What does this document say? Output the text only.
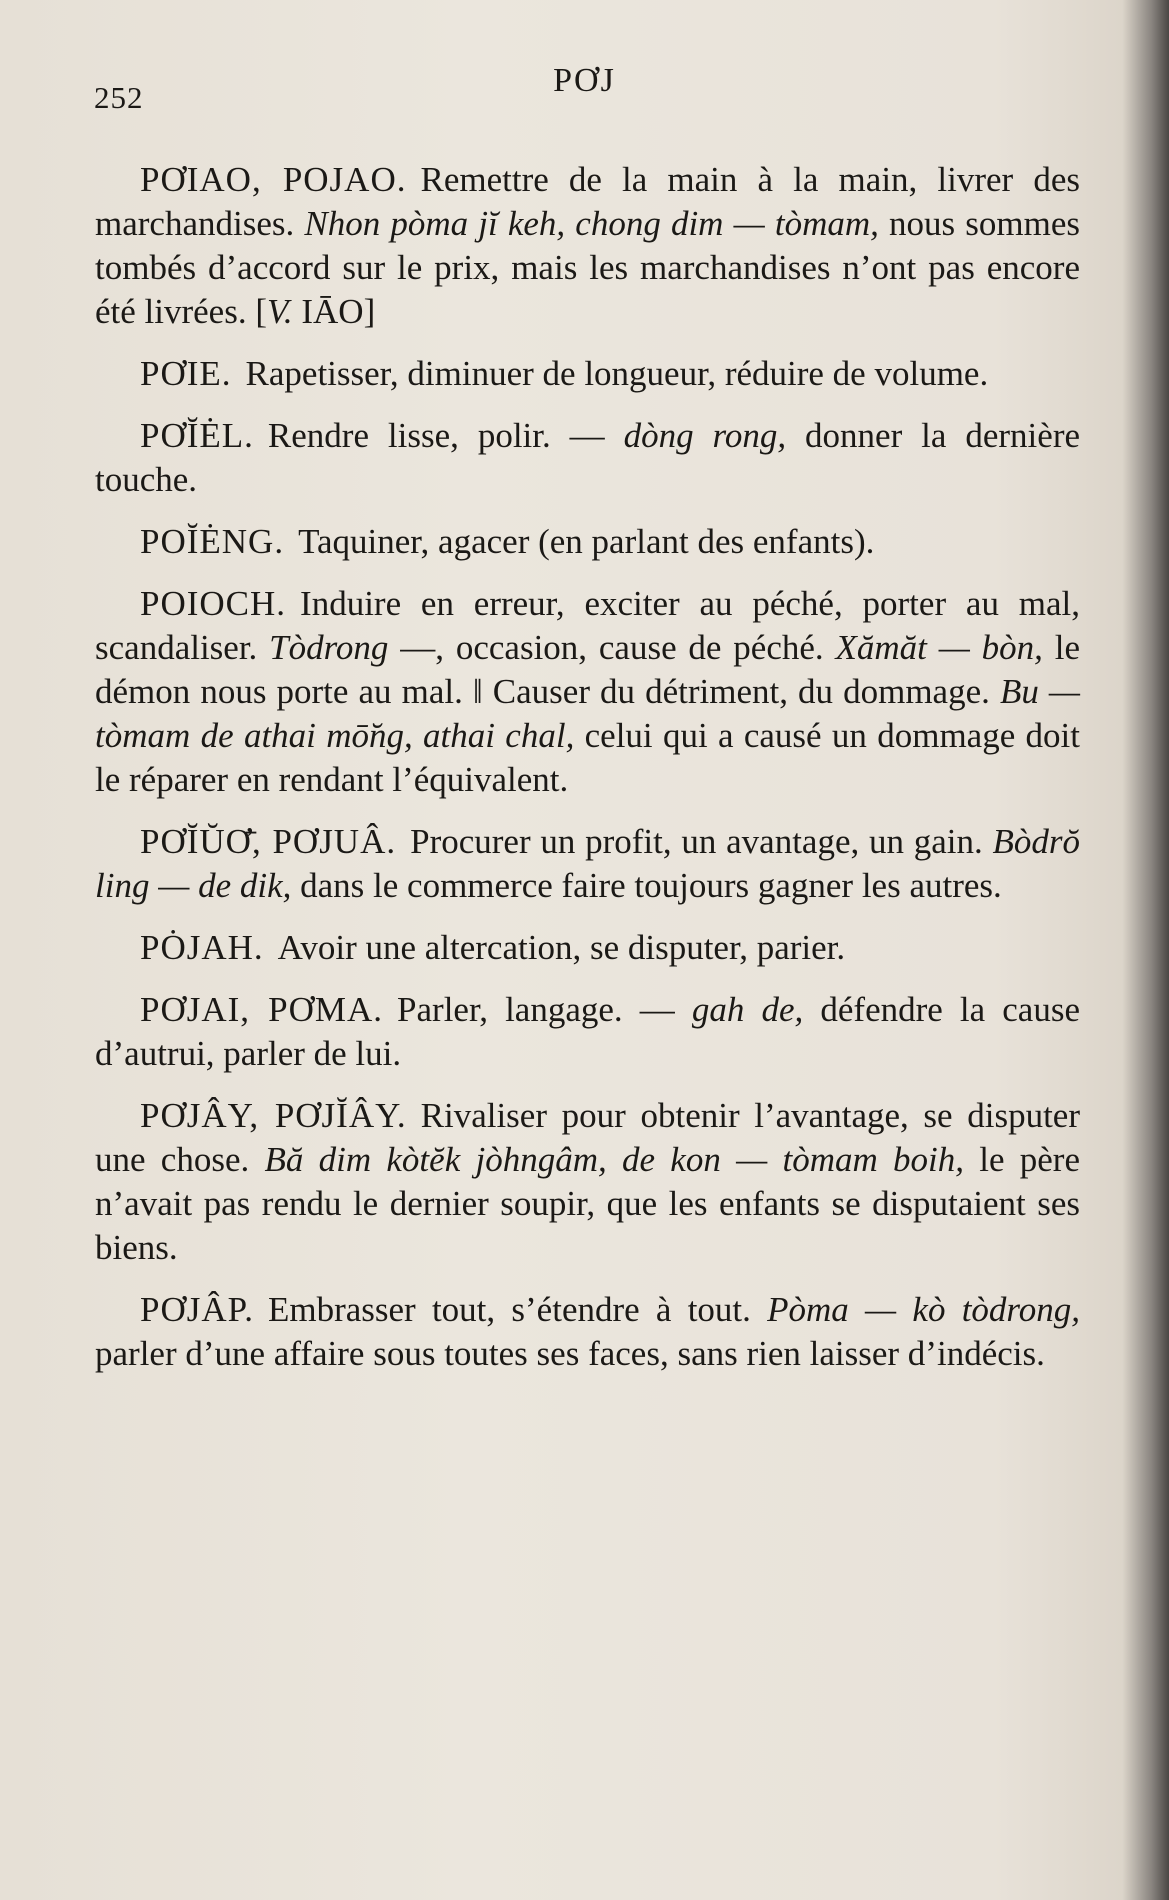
252	PƠJ

PƠIAO, POJAO. Remettre de la main à la main, livrer des marchandises. Nhon pòma jĭ keh, chong dim — tòmam, nous sommes tombés d’accord sur le prix, mais les marchandises n’ont pas encore été livrées. [V. IĀO]

PƠIE. Rapetisser, diminuer de longueur, réduire de volume.

PƠĬĖL. Rendre lisse, polir. — dòng rong, donner la dernière touche.

POĬĖNG. Taquiner, agacer (en parlant des enfants).

POIOCH. Induire en erreur, exciter au péché, porter au mal, scandaliser. Tòdrong —, occasion, cause de péché. Xămăt — bòn, le démon nous porte au mal. ‖ Causer du détriment, du dommage. Bu — tòmam de athai mō̆ng, athai chal, celui qui a causé un dommage doit le réparer en rendant l’équivalent.

PƠĬŬƠ̄, PƠJUÂ. Procurer un profit, un avantage, un gain. Bòdrŏ ling — de dik, dans le commerce faire toujours gagner les autres.

PȮJAH. Avoir une altercation, se disputer, parier.

PƠJAI, PƠMA. Parler, langage. — gah de, défendre la cause d’autrui, parler de lui.

PƠJÂY, PƠJĬÂY. Rivaliser pour obtenir l’avantage, se disputer une chose. Bă dim kòtĕk jòhngâm, de kon — tòmam boih, le père n’avait pas rendu le dernier soupir, que les enfants se disputaient ses biens.

PƠJÂP. Embrasser tout, s’étendre à tout. Pòma — kò tòdrong, parler d’une affaire sous toutes ses faces, sans rien laisser d’indécis.
